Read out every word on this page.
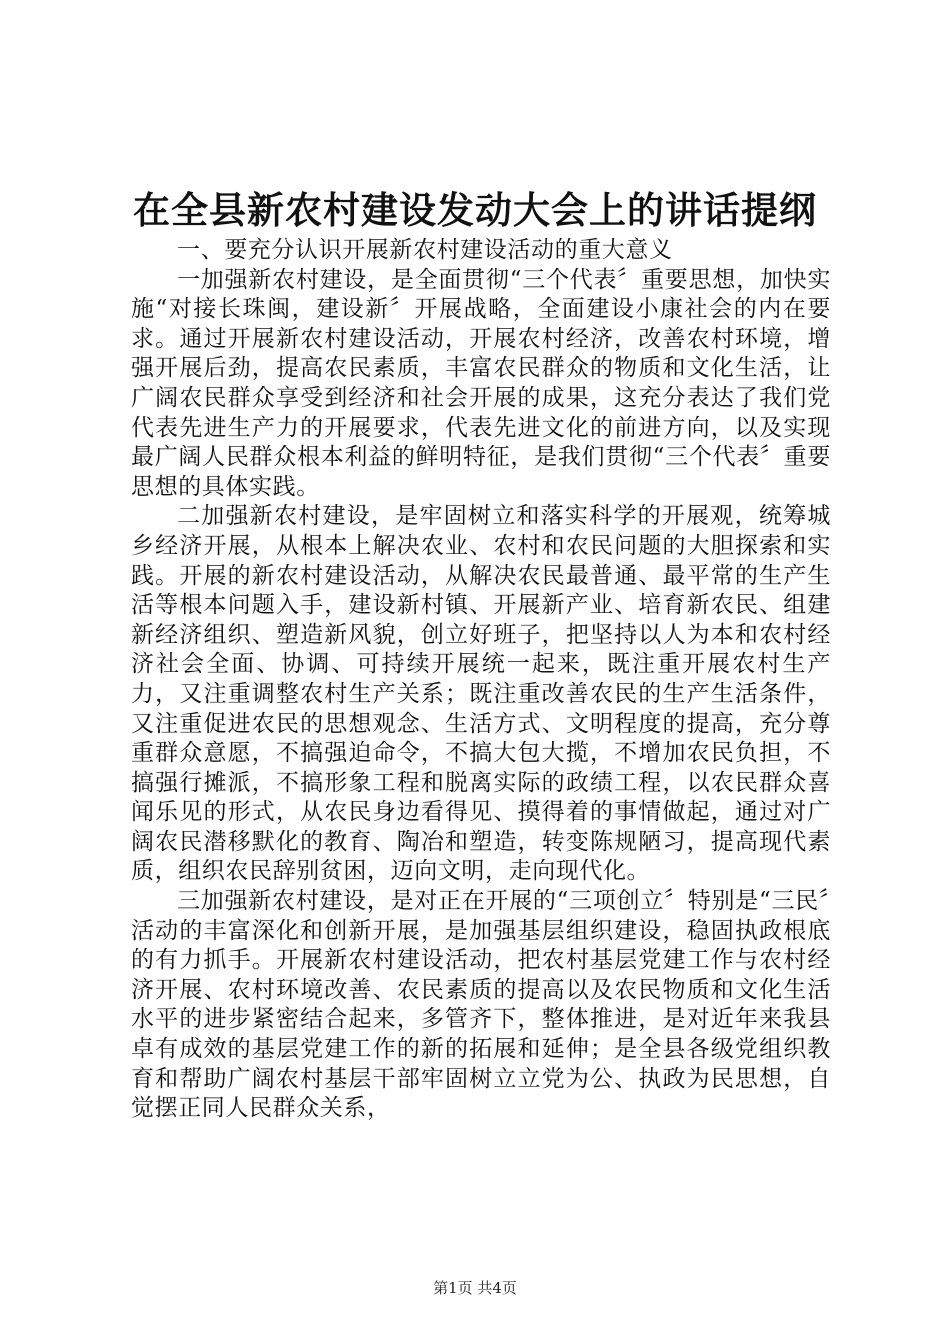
在全县新农村建设发动大会上的讲话提纲

一、要充分认识开展新农村建设活动的重大意义

一加强新农村建设，是全面贯彻“三个代表〞重要思想，加快实施“对接长珠闽，建设新〞开展战略，全面建设小康社会的内在要求。通过开展新农村建设活动，开展农村经济，改善农村环境，增强开展后劲，提高农民素质，丰富农民群众的物质和文化生活，让广阔农民群众享受到经济和社会开展的成果，这充分表达了我们党代表先进生产力的开展要求，代表先进文化的前进方向，以及实现最广阔人民群众根本利益的鲜明特征，是我们贯彻“三个代表〞重要思想的具体实践。

二加强新农村建设，是牢固树立和落实科学的开展观，统筹城乡经济开展，从根本上解决农业、农村和农民问题的大胆探索和实践。开展的新农村建设活动，从解决农民最普通、最平常的生产生活等根本问题入手，建设新村镇、开展新产业、培育新农民、组建新经济组织、塑造新风貌，创立好班子，把坚持以人为本和农村经济社会全面、协调、可持续开展统一起来，既注重开展农村生产力，又注重调整农村生产关系；既注重改善农民的生产生活条件，又注重促进农民的思想观念、生活方式、文明程度的提高，充分尊重群众意愿，不搞强迫命令，不搞大包大揽，不增加农民负担，不搞强行摊派，不搞形象工程和脱离实际的政绩工程，以农民群众喜闻乐见的形式，从农民身边看得见、摸得着的事情做起，通过对广阔农民潜移默化的教育、陶冶和塑造，转变陈规陋习，提高现代素质，组织农民辞别贫困，迈向文明，走向现代化。

三加强新农村建设，是对正在开展的“三项创立〞特别是“三民〞活动的丰富深化和创新开展，是加强基层组织建设，稳固执政根底的有力抓手。开展新农村建设活动，把农村基层党建工作与农村经济开展、农村环境改善、农民素质的提高以及农民物质和文化生活水平的进步紧密结合起来，多管齐下，整体推进，是对近年来我县卓有成效的基层党建工作的新的拓展和延伸；是全县各级党组织教育和帮助广阔农村基层干部牢固树立立党为公、执政为民思想，自觉摆正同人民群众关系，

第1页 共4页
